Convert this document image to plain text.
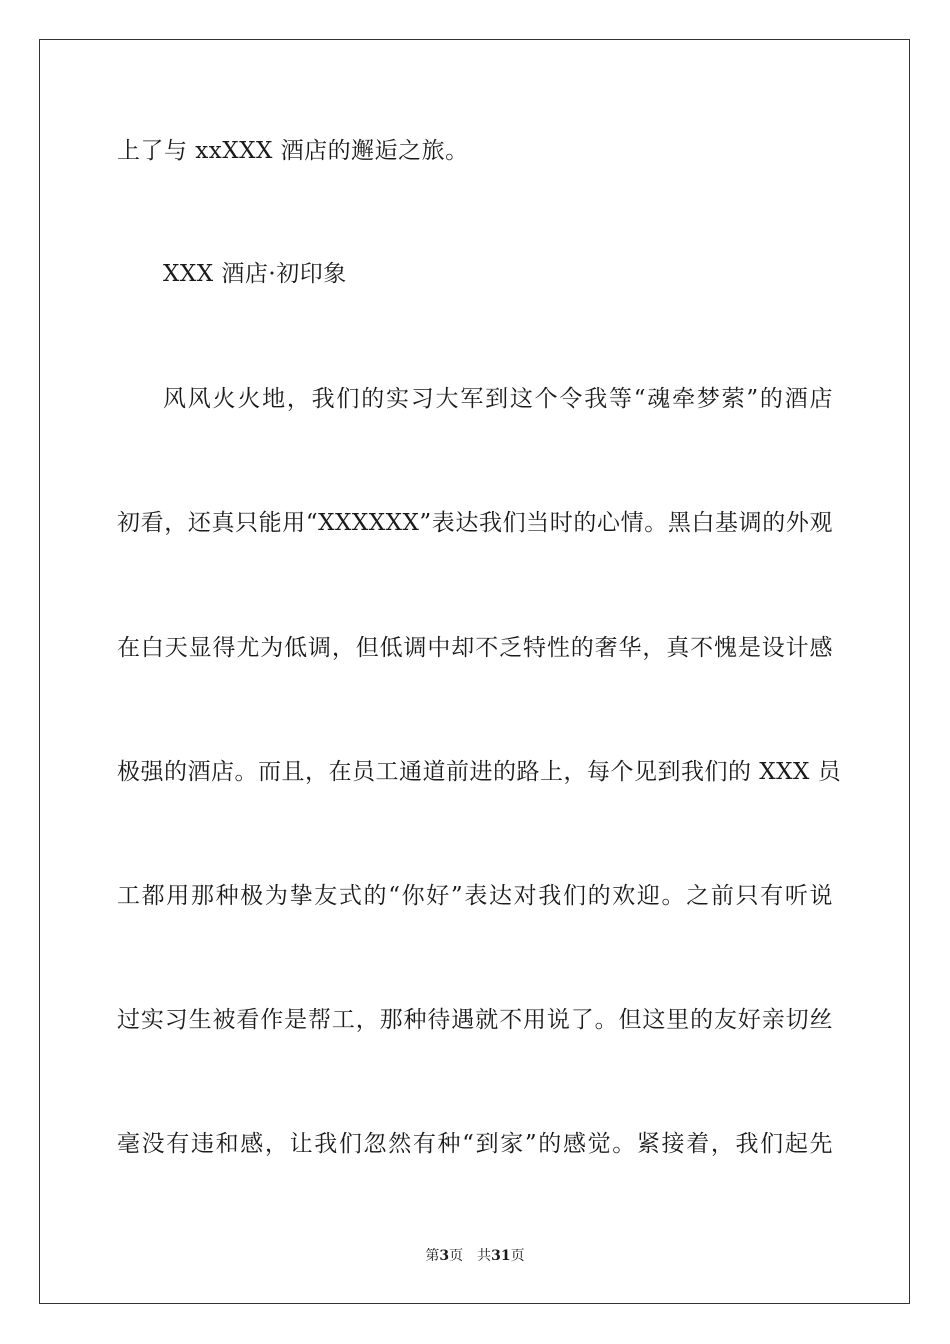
上了与 xxXXX 酒店的邂逅之旅。
XXX 酒店·初印象
风风火火地，我们的实习大军到这个令我等“魂牵梦萦”的酒店
初看，还真只能用“XXXXXX”表达我们当时的心情。黑白基调的外观
在白天显得尤为低调，但低调中却不乏特性的奢华，真不愧是设计感
极强的酒店。而且，在员工通道前进的路上，每个见到我们的 XXX 员
工都用那种极为挚友式的“你好”表达对我们的欢迎。之前只有听说
过实习生被看作是帮工，那种待遇就不用说了。但这里的友好亲切丝
毫没有违和感，让我们忽然有种“到家”的感觉。紧接着，我们起先
第3页 共31页
